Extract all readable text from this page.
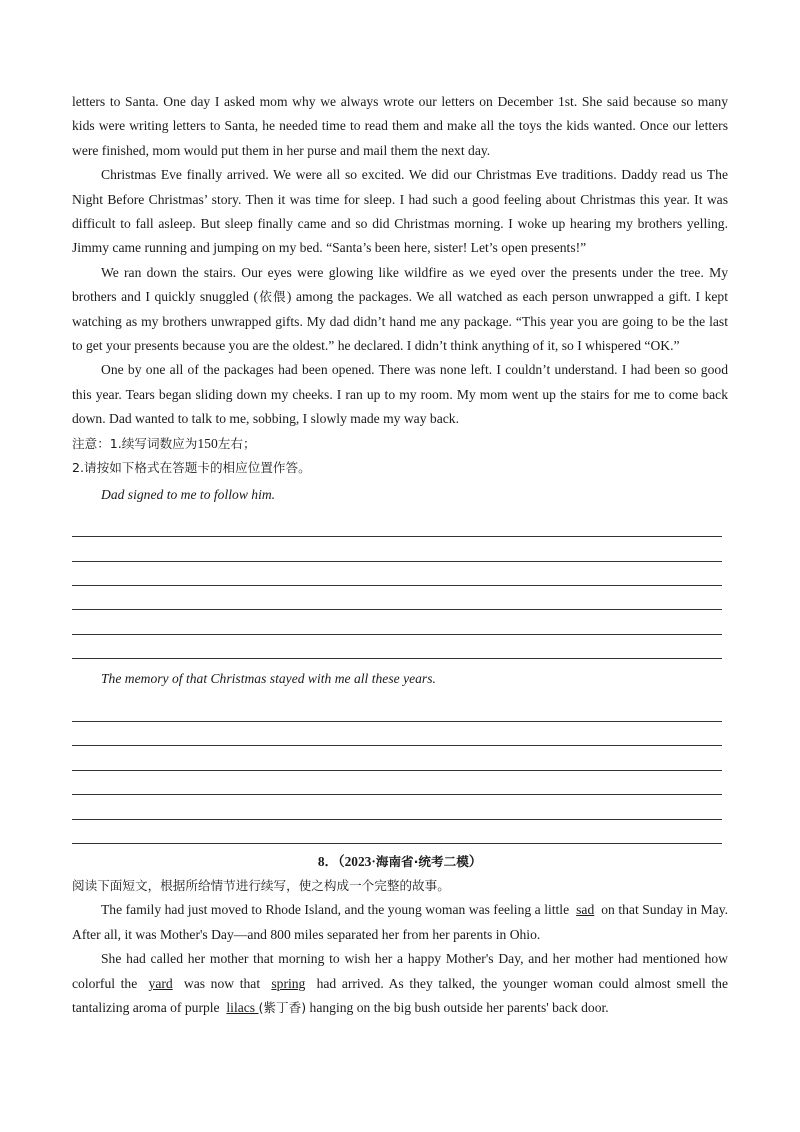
letters to Santa. One day I asked mom why we always wrote our letters on December 1st. She said because so many kids were writing letters to Santa, he needed time to read them and make all the toys the kids wanted. Once our letters were finished, mom would put them in her purse and mail them the next day.

Christmas Eve finally arrived. We were all so excited. We did our Christmas Eve traditions. Daddy read us The Night Before Christmas’ story. Then it was time for sleep. I had such a good feeling about Christmas this year. It was difficult to fall asleep. But sleep finally came and so did Christmas morning. I woke up hearing my brothers yelling. Jimmy came running and jumping on my bed. “Santa’s been here, sister! Let’s open presents!”

We ran down the stairs. Our eyes were glowing like wildfire as we eyed over the presents under the tree. My brothers and I quickly snuggled (依偎) among the packages. We all watched as each person unwrapped a gift. I kept watching as my brothers unwrapped gifts. My dad didn’t hand me any package. “This year you are going to be the last to get your presents because you are the oldest.” he declared. I didn’t think anything of it, so I whispered “OK.”

One by one all of the packages had been opened. There was none left. I couldn’t understand. I had been so good this year. Tears began sliding down my cheeks. I ran up to my room. My mom went up the stairs for me to come back down. Dad wanted to talk to me, sobbing, I slowly made my way back.

注意：1.续写词数应为150左右；

2.请按如下格式在答题卡的相应位置作答。

Dad signed to me to follow him.

The memory of that Christmas stayed with me all these years.

8．（2023·海南省·统考二模）

阅读下面短文，根据所给情节进行续写，使之构成一个完整的故事。

The family had just moved to Rhode Island, and the young woman was feeling a little sad on that Sunday in May. After all, it was Mother's Day—and 800 miles separated her from her parents in Ohio.

She had called her mother that morning to wish her a happy Mother's Day, and her mother had mentioned how colorful the yard was now that spring had arrived. As they talked, the younger woman could almost smell the tantalizing aroma of purple lilacs (紫丁香) hanging on the big bush outside her parents' back door.
